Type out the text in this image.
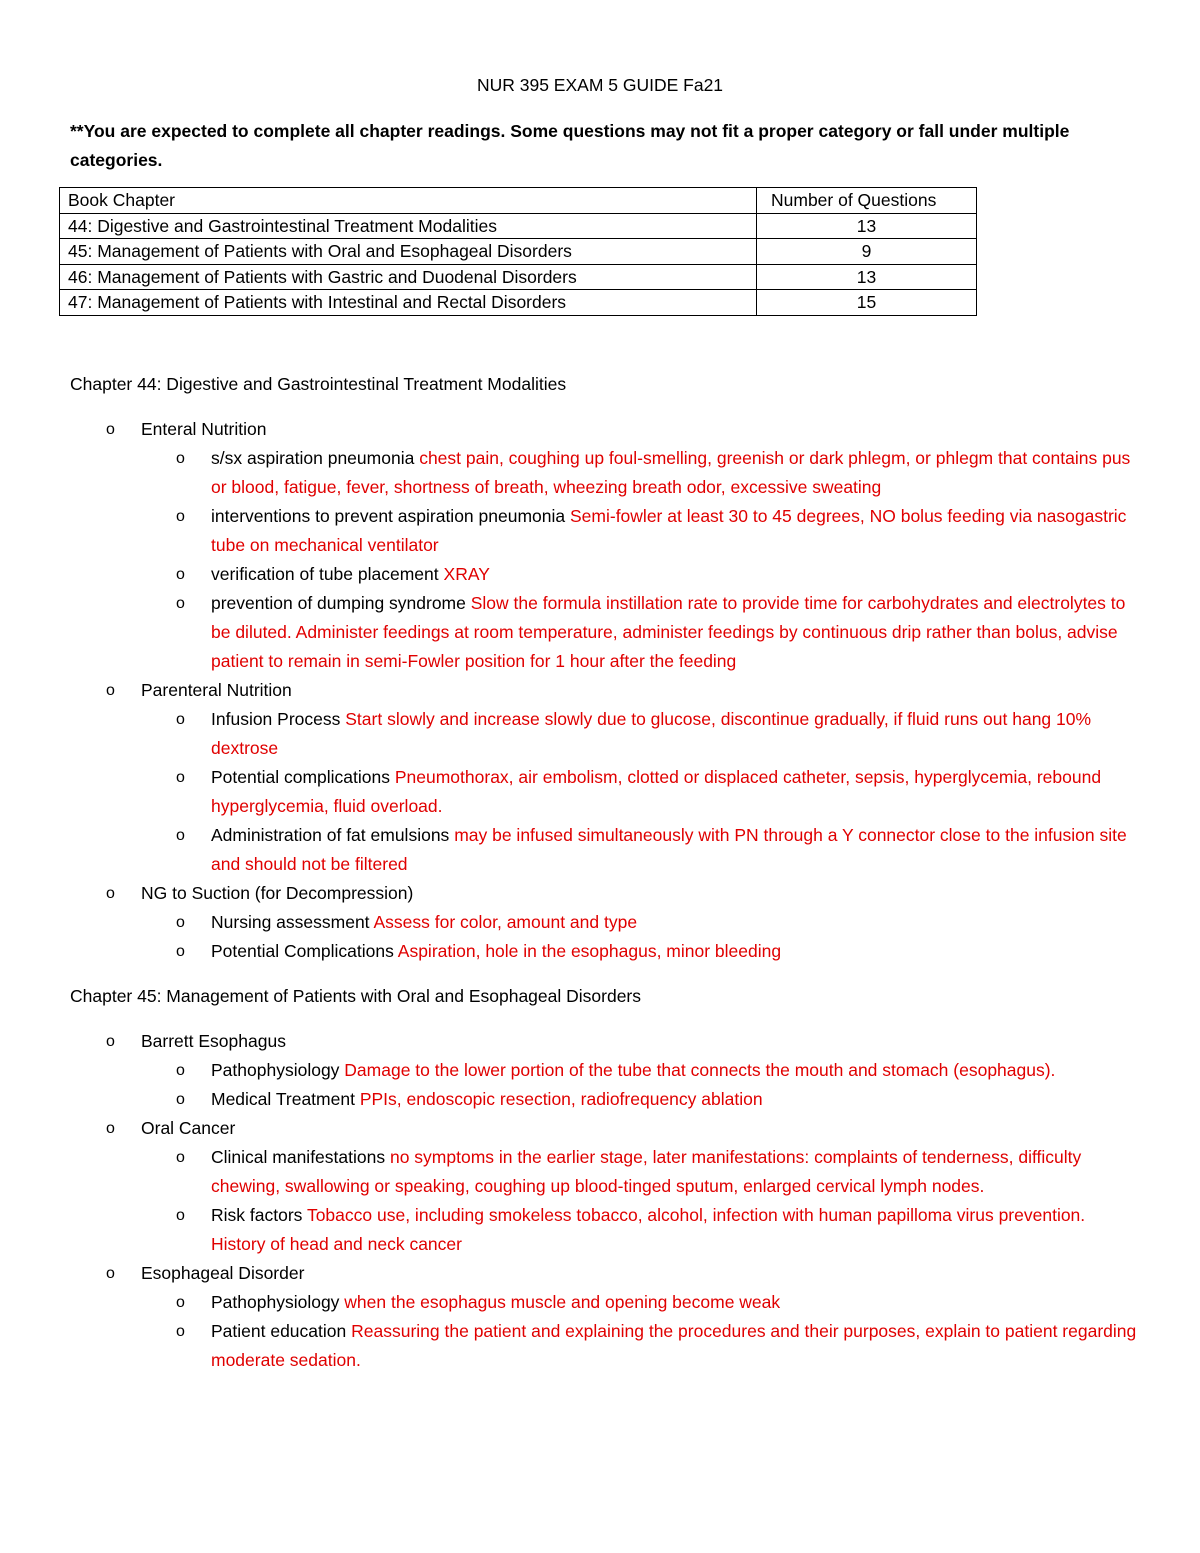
NUR 395 EXAM 5 GUIDE Fa21
**You are expected to complete all chapter readings. Some questions may not fit a proper category or fall under multiple categories.
Book Chapter	Number of Questions
44: Digestive and Gastrointestinal Treatment Modalities	13
45: Management of Patients with Oral and Esophageal Disorders	9
46: Management of Patients with Gastric and Duodenal Disorders	13
47: Management of Patients with Intestinal and Rectal Disorders	15
Chapter 44: Digestive and Gastrointestinal Treatment Modalities
o Enteral Nutrition
o s/sx aspiration pneumonia chest pain, coughing up foul-smelling, greenish or dark phlegm, or phlegm that contains pus or blood, fatigue, fever, shortness of breath, wheezing breath odor, excessive sweating
o interventions to prevent aspiration pneumonia Semi-fowler at least 30 to 45 degrees, NO bolus feeding via nasogastric tube on mechanical ventilator
o verification of tube placement XRAY
o prevention of dumping syndrome Slow the formula instillation rate to provide time for carbohydrates and electrolytes to be diluted. Administer feedings at room temperature, administer feedings by continuous drip rather than bolus, advise patient to remain in semi-Fowler position for 1 hour after the feeding
o Parenteral Nutrition
o Infusion Process Start slowly and increase slowly due to glucose, discontinue gradually, if fluid runs out hang 10% dextrose
o Potential complications Pneumothorax, air embolism, clotted or displaced catheter, sepsis, hyperglycemia, rebound hyperglycemia, fluid overload.
o Administration of fat emulsions may be infused simultaneously with PN through a Y connector close to the infusion site and should not be filtered
o NG to Suction (for Decompression)
o Nursing assessment Assess for color, amount and type
o Potential Complications Aspiration, hole in the esophagus, minor bleeding
Chapter 45: Management of Patients with Oral and Esophageal Disorders
o Barrett Esophagus
o Pathophysiology Damage to the lower portion of the tube that connects the mouth and stomach (esophagus).
o Medical Treatment PPIs, endoscopic resection, radiofrequency ablation
o Oral Cancer
o Clinical manifestations no symptoms in the earlier stage, later manifestations: complaints of tenderness, difficulty chewing, swallowing or speaking, coughing up blood-tinged sputum, enlarged cervical lymph nodes.
o Risk factors Tobacco use, including smokeless tobacco, alcohol, infection with human papilloma virus prevention. History of head and neck cancer
o Esophageal Disorder
o Pathophysiology when the esophagus muscle and opening become weak
o Patient education Reassuring the patient and explaining the procedures and their purposes, explain to patient regarding moderate sedation.
